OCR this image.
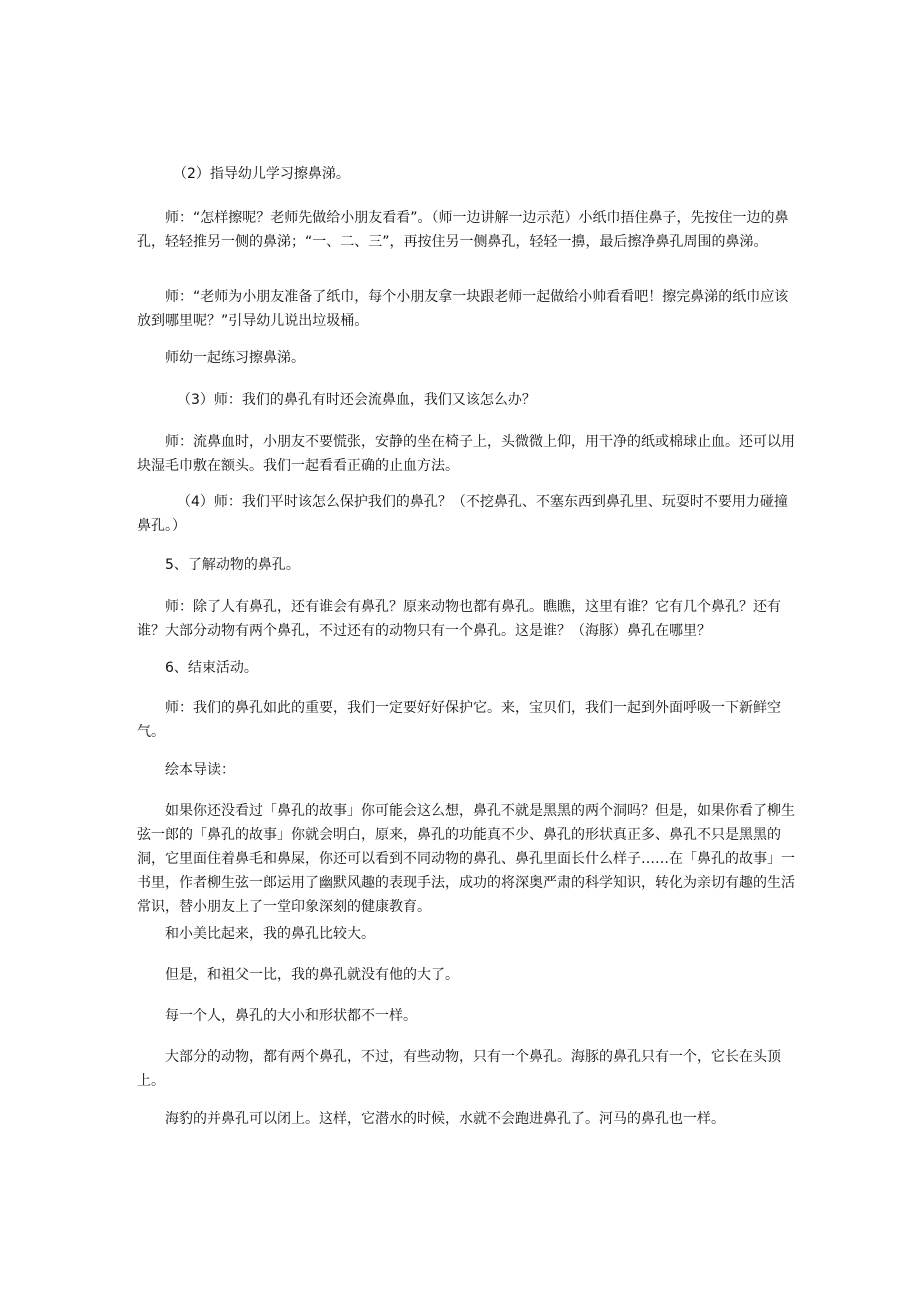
（2）指导幼儿学习擦鼻涕。

师：“怎样擦呢？老师先做给小朋友看看”。（师一边讲解一边示范）小纸巾捂住鼻子，先按住一边的鼻孔，轻轻推另一侧的鼻涕；“一、二、三”，再按住另一侧鼻孔，轻轻一擤，最后擦净鼻孔周围的鼻涕。

师：“老师为小朋友准备了纸巾，每个小朋友拿一块跟老师一起做给小帅看看吧！擦完鼻涕的纸巾应该放到哪里呢？”引导幼儿说出垃圾桶。

师幼一起练习擦鼻涕。

（3）师：我们的鼻孔有时还会流鼻血，我们又该怎么办？

师：流鼻血时，小朋友不要慌张，安静的坐在椅子上，头微微上仰，用干净的纸或棉球止血。还可以用块湿毛巾敷在额头。我们一起看看正确的止血方法。

（4）师：我们平时该怎么保护我们的鼻孔？（不挖鼻孔、不塞东西到鼻孔里、玩耍时不要用力碰撞鼻孔。）

5、了解动物的鼻孔。

师：除了人有鼻孔，还有谁会有鼻孔？原来动物也都有鼻孔。瞧瞧，这里有谁？它有几个鼻孔？还有谁？大部分动物有两个鼻孔，不过还有的动物只有一个鼻孔。这是谁？（海豚）鼻孔在哪里？

6、结束活动。

师：我们的鼻孔如此的重要，我们一定要好好保护它。来，宝贝们，我们一起到外面呼吸一下新鲜空气。

绘本导读：

如果你还没看过「鼻孔的故事」你可能会这么想，鼻孔不就是黑黑的两个洞吗？但是，如果你看了柳生弦一郎的「鼻孔的故事」你就会明白，原来，鼻孔的功能真不少、鼻孔的形状真正多、鼻孔不只是黑黑的洞，它里面住着鼻毛和鼻屎，你还可以看到不同动物的鼻孔、鼻孔里面长什么样子……在「鼻孔的故事」一书里，作者柳生弦一郎运用了幽默风趣的表现手法，成功的将深奥严肃的科学知识，转化为亲切有趣的生活常识，替小朋友上了一堂印象深刻的健康教育。

和小美比起来，我的鼻孔比较大。

但是，和祖父一比，我的鼻孔就没有他的大了。

每一个人，鼻孔的大小和形状都不一样。

大部分的动物，都有两个鼻孔，不过，有些动物，只有一个鼻孔。海豚的鼻孔只有一个，它长在头顶上。

海豹的并鼻孔可以闭上。这样，它潜水的时候，水就不会跑进鼻孔了。河马的鼻孔也一样。
